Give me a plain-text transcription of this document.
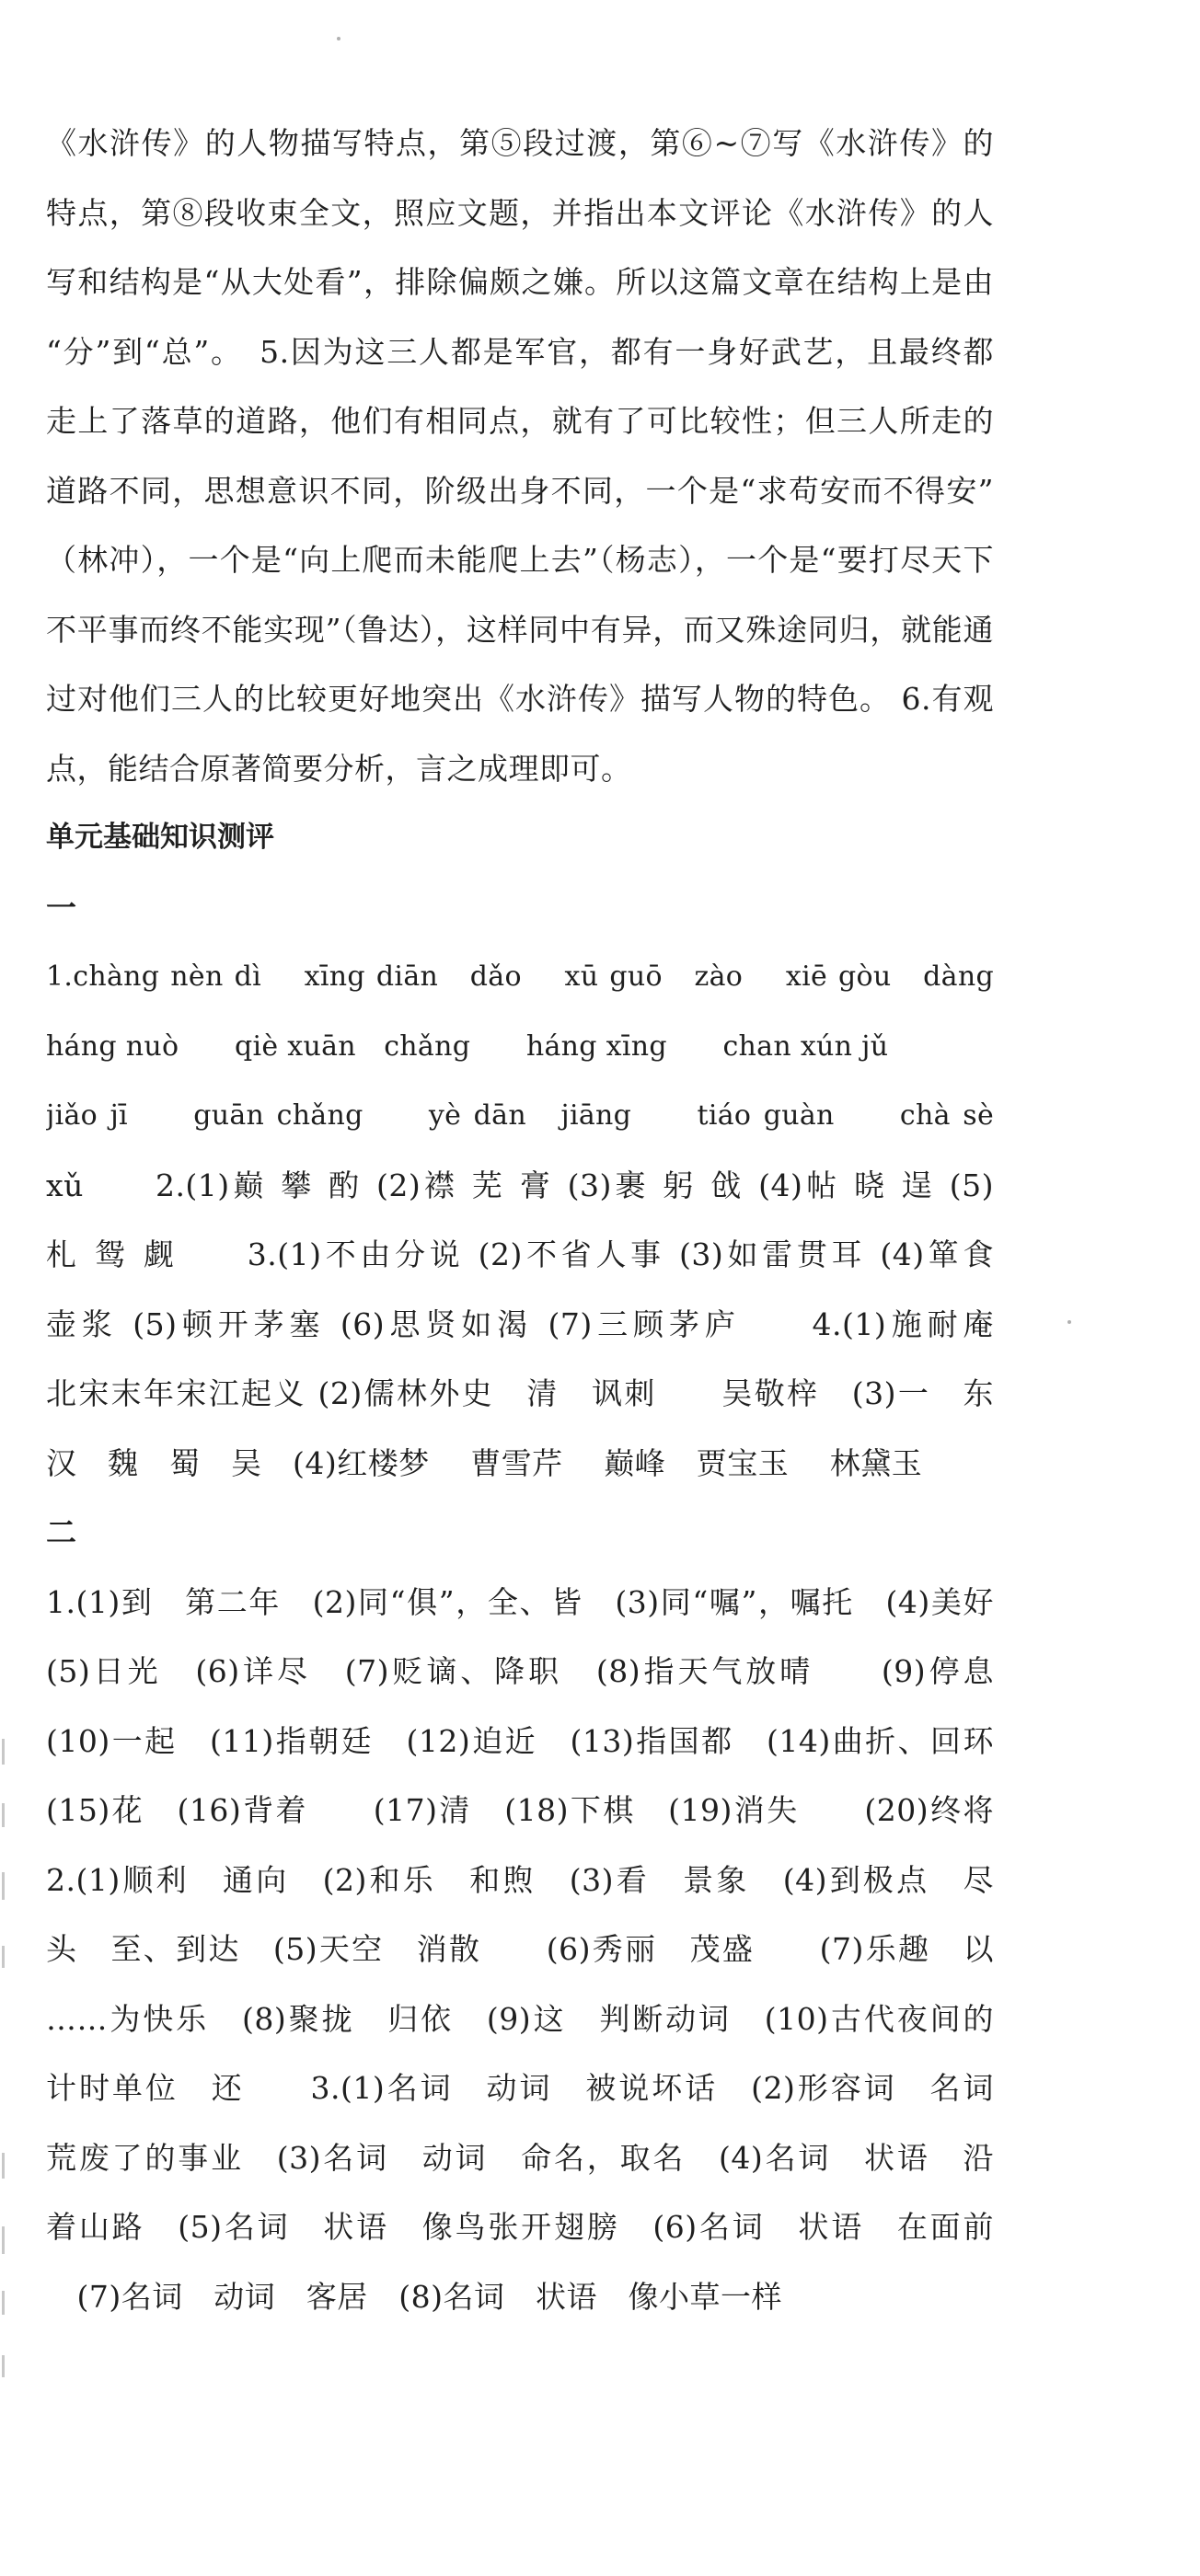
《水浒传》的人物描写特点，第⑤段过渡，第⑥~⑦写《水浒传》的
特点，第⑧段收束全文，照应文题，并指出本文评论《水浒传》的人
写和结构是“从大处看”，排除偏颇之嫌。所以这篇文章在结构上是由
“分”到“总”。　5.因为这三人都是军官，都有一身好武艺，且最终都
走上了落草的道路，他们有相同点，就有了可比较性；但三人所走的
道路不同，思想意识不同，阶级出身不同，一个是“求苟安而不得安”
（林冲），一个是“向上爬而未能爬上去”（杨志），一个是“要打尽天下
不平事而终不能实现”（鲁达），这样同中有异，而又殊途同归，就能通
过对他们三人的比较更好地突出《水浒传》描写人物的特色。 6.有观
点，能结合原著简要分析，言之成理即可。
单元基础知识测评
一
1.chàng nèn dì　 xīng diān　dǎo　 xū guō　zào　 xiē gòu　dàng
háng nuò　　qiè xuān　chǎng　　háng xīng　　chan xún jǔ
jiǎo jī　　guān chǎng　　yè dān　jiāng　　tiáo guàn　　chà sè　
xǔ　　2.(1)巅 攀 酌 (2)襟 芜 膏 (3)裹 躬 戗 (4)帖 晓 逞 (5)
札 鸳 觑　　3.(1)不由分说 (2)不省人事 (3)如雷贯耳 (4)箪食
壶浆 (5)顿开茅塞 (6)思贤如渴 (7)三顾茅庐　　4.(1)施耐庵
北宋末年宋江起义 (2)儒林外史　清　讽刺　　吴敬梓　(3)一　东
汉　魏　蜀　吴　(4)红楼梦　 曹雪芹　 巅峰　贾宝玉　 林黛玉
二
1.(1)到　第二年　(2)同“俱”，全、皆　(3)同“嘱”，嘱托　(4)美好
(5)日光　(6)详尽　(7)贬谪、降职　(8)指天气放晴　　(9)停息
(10)一起　(11)指朝廷　(12)迫近　(13)指国都　(14)曲折、回环
(15)花　(16)背着　　(17)清　(18)下棋　(19)消失　　(20)终将
2.(1)顺利　通向　(2)和乐　和煦　(3)看　景象　(4)到极点　尽
头　至、到达　(5)天空　消散　　(6)秀丽　茂盛　　(7)乐趣　以
……为快乐　(8)聚拢　归依　(9)这　判断动词　(10)古代夜间的
计时单位　还　　3.(1)名词　动词　被说坏话　(2)形容词　名词
荒废了的事业　(3)名词　动词　命名，取名　(4)名词　状语　沿
着山路　(5)名词　状语　像鸟张开翅膀　(6)名词　状语　在面前
　(7)名词　动词　客居　(8)名词　状语　像小草一样
